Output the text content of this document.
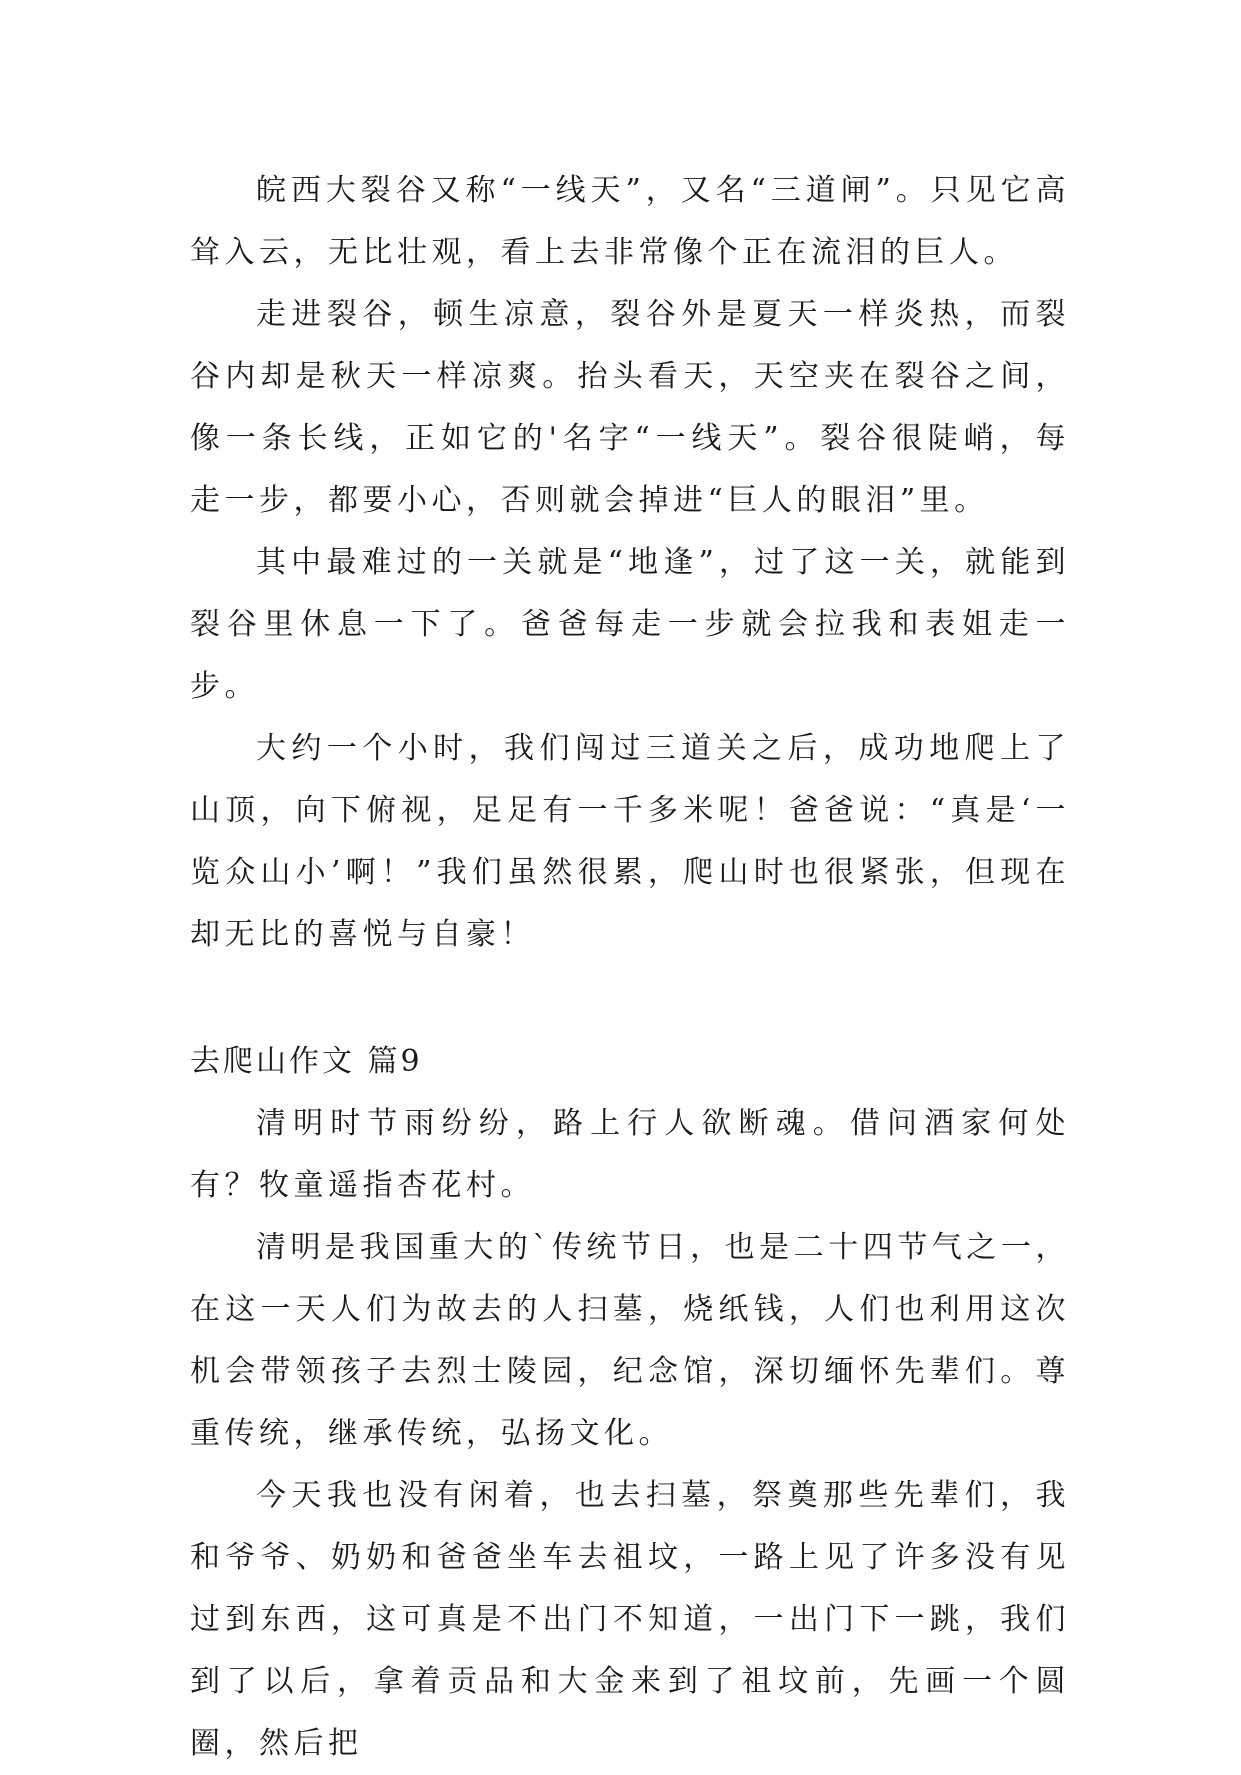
皖西大裂谷又称“一线天”，又名“三道闸”。只见它高耸入云，无比壮观，看上去非常像个正在流泪的巨人。

走进裂谷，顿生凉意，裂谷外是夏天一样炎热，而裂谷内却是秋天一样凉爽。抬头看天，天空夹在裂谷之间，像一条长线，正如它的'名字“一线天”。裂谷很陡峭，每走一步，都要小心，否则就会掉进“巨人的眼泪”里。

其中最难过的一关就是“地逢”，过了这一关，就能到裂谷里休息一下了。爸爸每走一步就会拉我和表姐走一步。

大约一个小时，我们闯过三道关之后，成功地爬上了山顶，向下俯视，足足有一千多米呢！爸爸说：“真是‘一览众山小’啊！”我们虽然很累，爬山时也很紧张，但现在却无比的喜悦与自豪！

去爬山作文 篇9

清明时节雨纷纷，路上行人欲断魂。借问酒家何处有？牧童遥指杏花村。

清明是我国重大的`传统节日，也是二十四节气之一，在这一天人们为故去的人扫墓，烧纸钱，人们也利用这次机会带领孩子去烈士陵园，纪念馆，深切缅怀先辈们。尊重传统，继承传统，弘扬文化。

今天我也没有闲着，也去扫墓，祭奠那些先辈们，我和爷爷、奶奶和爸爸坐车去祖坟，一路上见了许多没有见过到东西，这可真是不出门不知道，一出门下一跳，我们到了以后，拿着贡品和大金来到了祖坟前，先画一个圆圈，然后把
